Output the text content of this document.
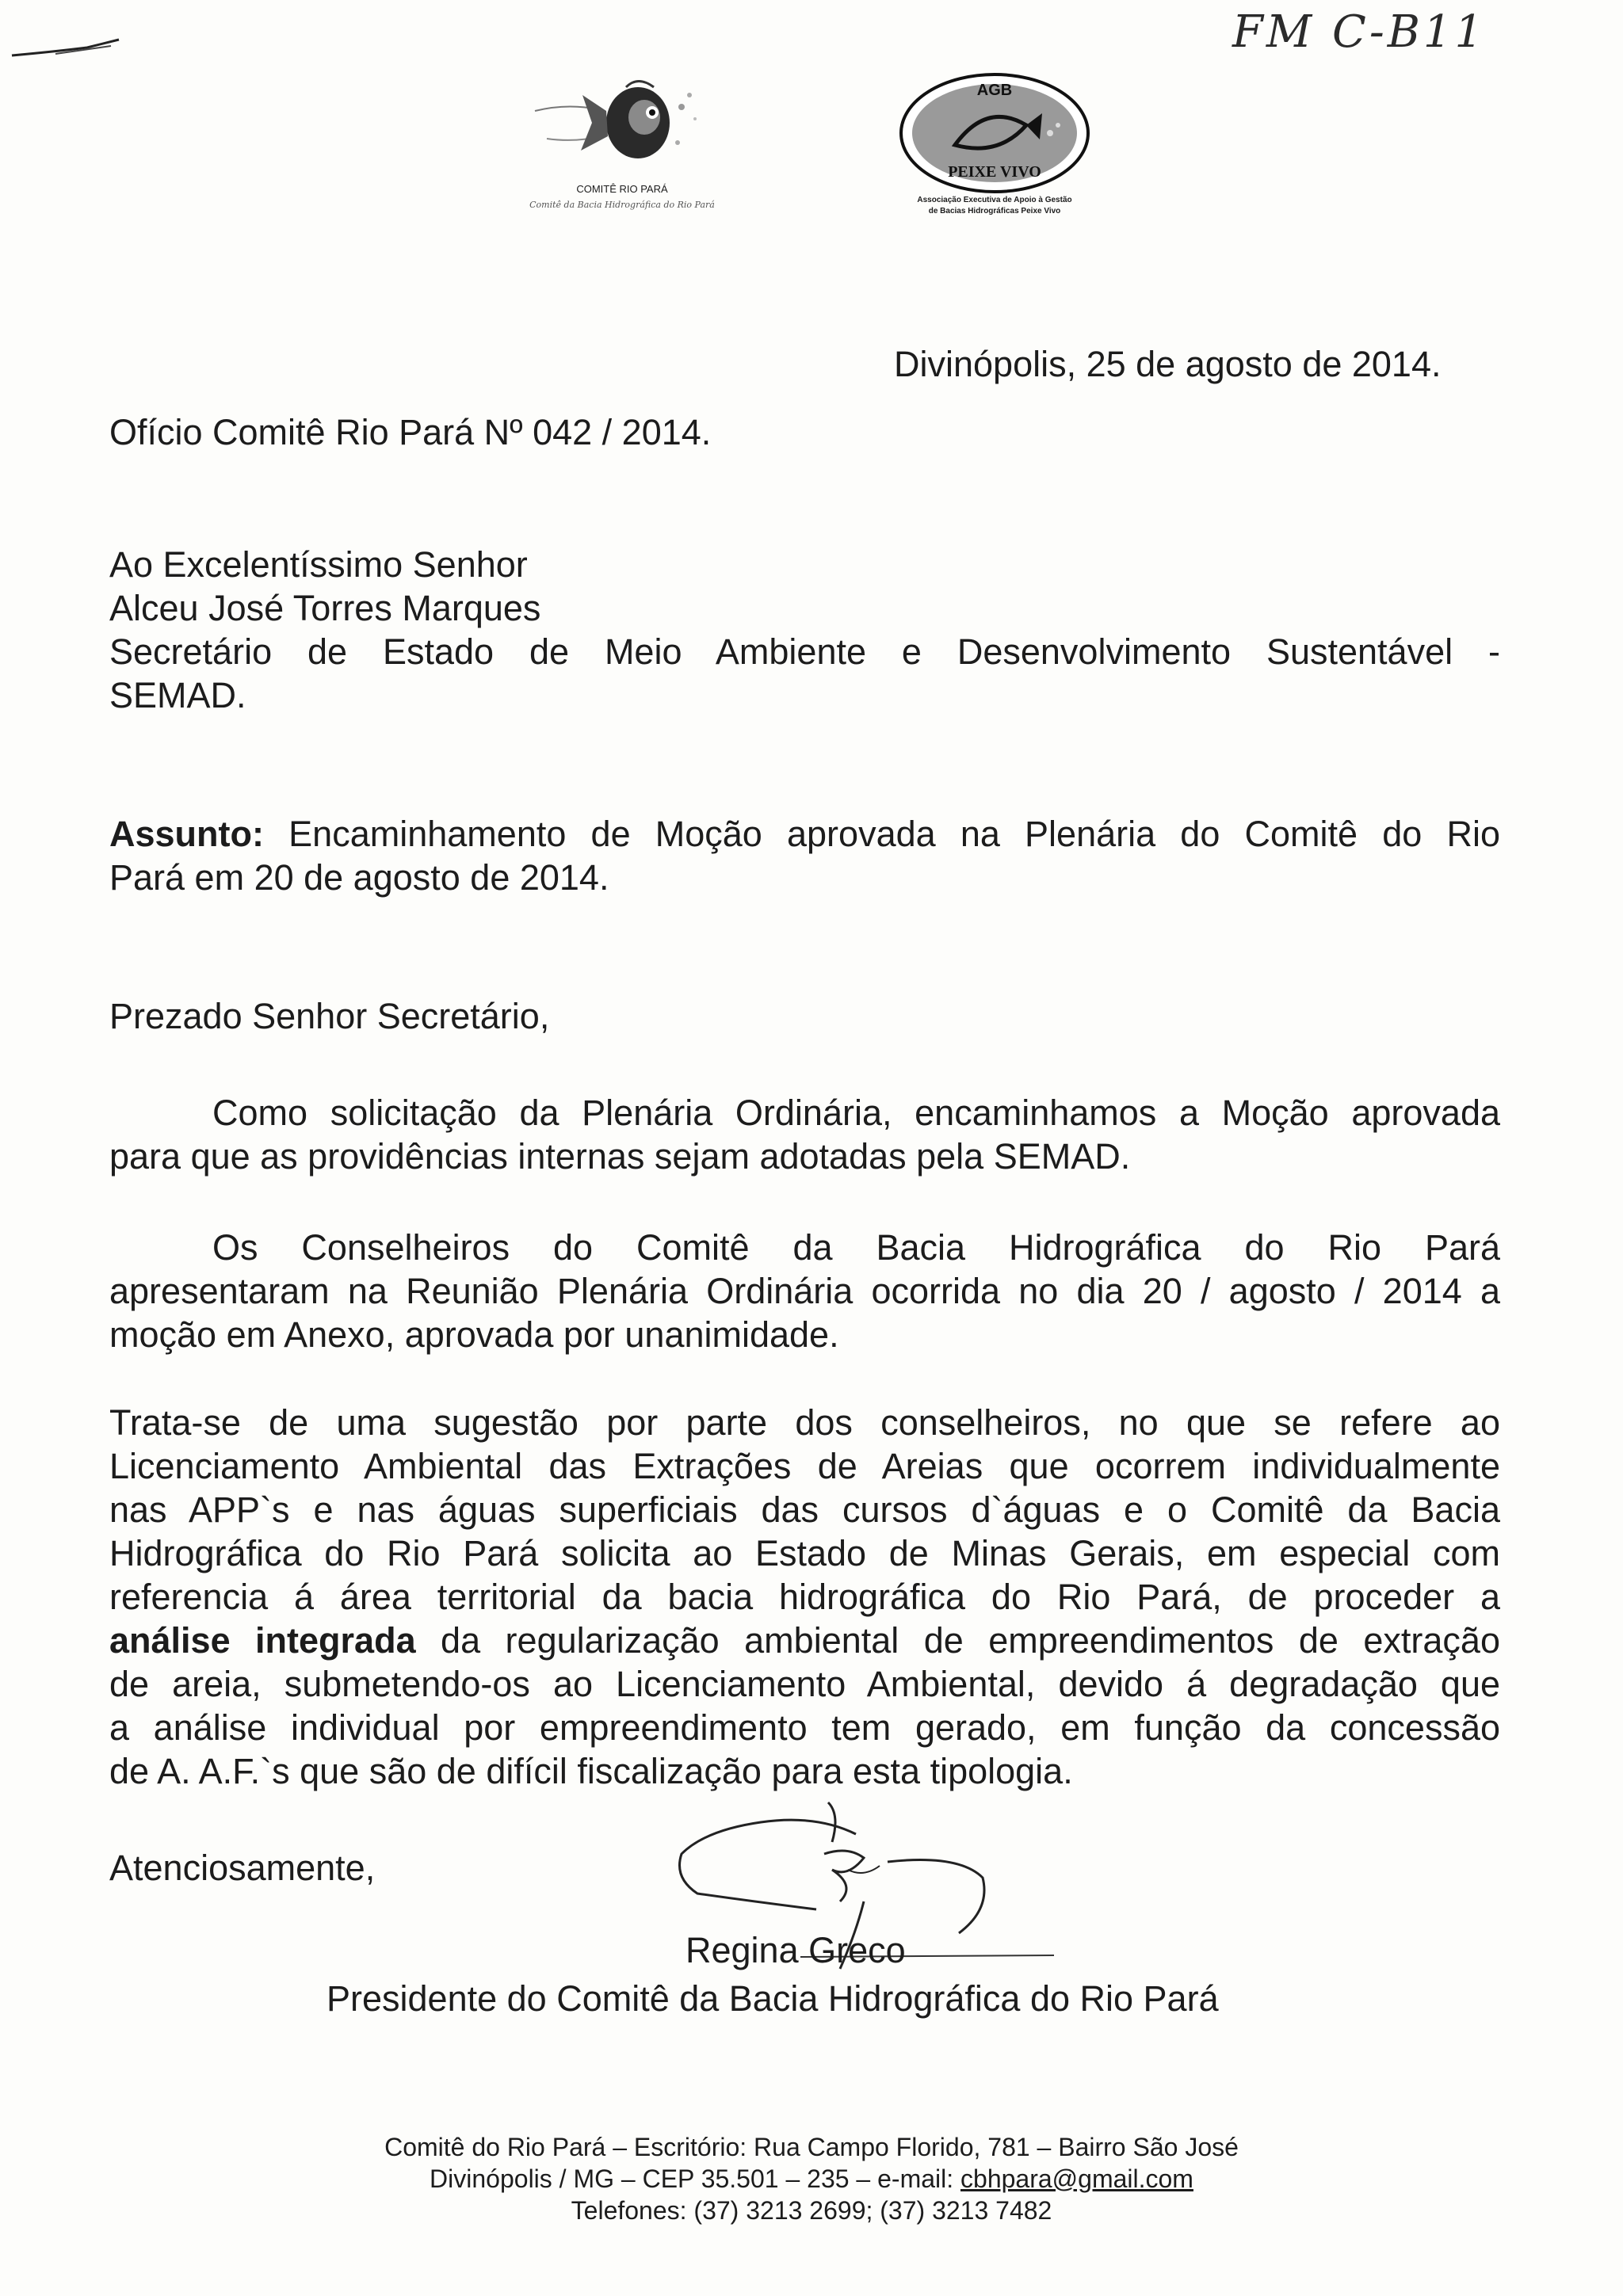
FM C-B11
COMITÊ RIO PARÁ
Comitê da Bacia Hidrográfica do Rio Pará
AGB
PEIXE VIVO
Associação Executiva de Apoio à Gestão
de Bacias Hidrográficas Peixe Vivo
Divinópolis, 25 de agosto de 2014.
Ofício Comitê Rio Pará Nº 042 / 2014.
Ao Excelentíssimo Senhor
Alceu José Torres Marques
Secretário de Estado de Meio Ambiente e Desenvolvimento Sustentável -
SEMAD.
Assunto: Encaminhamento de Moção aprovada na Plenária do Comitê do Rio
Pará em 20 de agosto de 2014.
Prezado Senhor Secretário,
Como solicitação da Plenária Ordinária, encaminhamos a Moção aprovada
para que as providências internas sejam adotadas pela SEMAD.
Os Conselheiros do Comitê da Bacia Hidrográfica do Rio Pará
apresentaram na Reunião Plenária Ordinária ocorrida no dia 20 / agosto / 2014 a
moção em Anexo, aprovada por unanimidade.
Trata-se de uma sugestão por parte dos conselheiros, no que se refere ao
Licenciamento Ambiental das Extrações de Areias que ocorrem individualmente
nas APP`s e nas águas superficiais das cursos d`águas e o Comitê da Bacia
Hidrográfica do Rio Pará solicita ao Estado de Minas Gerais, em especial com
referencia á área territorial da bacia hidrográfica do Rio Pará, de proceder a
análise integrada da regularização ambiental de empreendimentos de extração
de areia, submetendo-os ao Licenciamento Ambiental, devido á degradação que
a análise individual por empreendimento tem gerado, em função da concessão
de A. A.F.`s que são de difícil fiscalização para esta tipologia.
Atenciosamente,
Regina Greco
Presidente do Comitê da Bacia Hidrográfica do Rio Pará
Comitê do Rio Pará – Escritório: Rua Campo Florido, 781 – Bairro São José
Divinópolis / MG – CEP 35.501 – 235 – e-mail: cbhpara@gmail.com
Telefones: (37) 3213 2699; (37) 3213 7482
